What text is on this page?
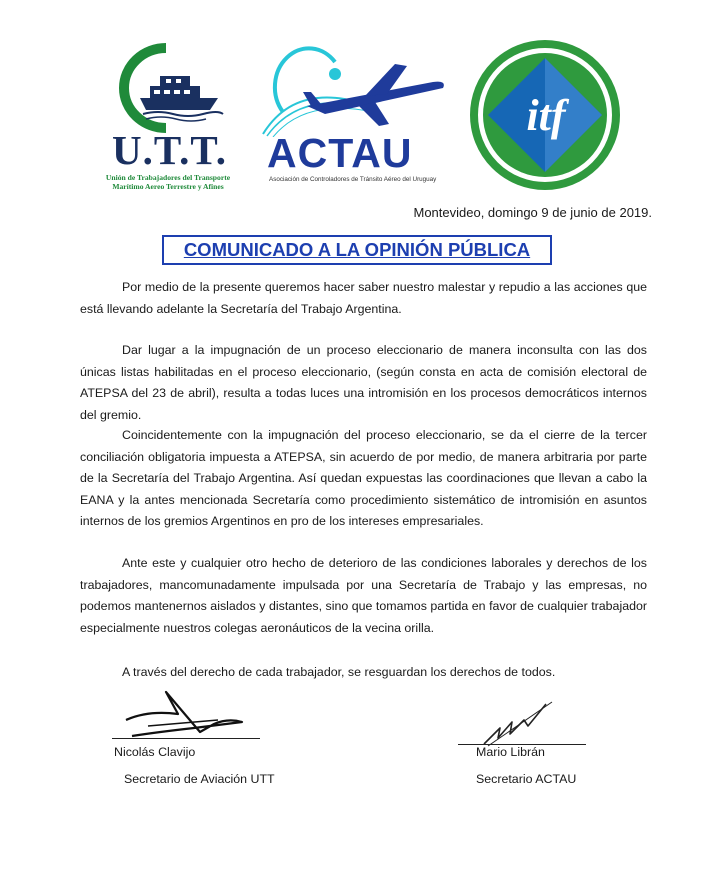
U.T.T.
Unión de Trabajadores del Transporte
Marítimo Aereo Terrestre y Afines
ACTAU
Asociación de Controladores de Tránsito Aéreo del Uruguay
itf
Montevideo, domingo 9 de junio de 2019.
COMUNICADO A LA OPINIÓN PÚBLICA
Por medio de la presente queremos hacer saber nuestro malestar y repudio a las acciones que está llevando adelante la Secretaría del Trabajo Argentina.
Dar lugar a la impugnación de un proceso eleccionario de manera inconsulta con las dos únicas listas habilitadas en el proceso eleccionario, (según consta en acta de comisión electoral de ATEPSA del 23 de abril), resulta a todas luces una intromisión en los procesos democráticos internos del gremio.
Coincidentemente con la impugnación del proceso eleccionario, se da el cierre de la tercer conciliación obligatoria impuesta a ATEPSA, sin acuerdo de por medio, de manera arbitraria por parte de la Secretaría del Trabajo Argentina. Así quedan expuestas las coordinaciones que llevan a cabo la EANA y la antes mencionada Secretaría como procedimiento sistemático de intromisión en asuntos internos de los gremios Argentinos en pro de los intereses empresariales.
Ante este y cualquier otro hecho de deterioro de las condiciones laborales y derechos de los trabajadores, mancomunadamente impulsada por una Secretaría de Trabajo y las empresas, no podemos mantenernos aislados y distantes, sino que tomamos partida en favor de cualquier trabajador especialmente nuestros colegas aeronáuticos de la vecina orilla.
A través del derecho de cada trabajador, se resguardan los derechos de todos.
Nicolás Clavijo
Secretario de Aviación UTT
Mario Librán
Secretario ACTAU
